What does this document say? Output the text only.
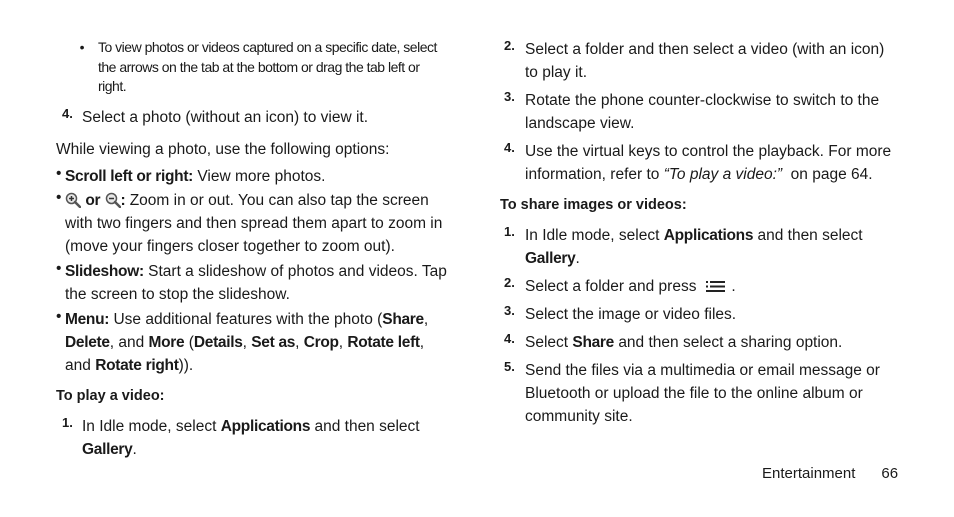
• To view photos or videos captured on a specific date, select the arrows on the tab at the bottom or drag the tab left or right.
4. Select a photo (without an icon) to view it.

While viewing a photo, use the following options:

• Scroll left or right: View more photos.

•	or : Zoom in or out. You can also tap the screen with two fingers and then spread them apart to zoom in (move your fingers closer together to zoom out).

• Slideshow: Start a slideshow of photos and videos. Tap the screen to stop the slideshow.

• Menu: Use additional features with the photo (Share, Delete, and More (Details, Set as, Crop, Rotate left, and Rotate right)).

To play a video:

1. In Idle mode, select Applications and then select Gallery.

2. Select a folder and then select a video (with an icon) to play it.

3. Rotate the phone counter-clockwise to switch to the landscape view.

4. Use the virtual keys to control the playback. For more information, refer to “To play a video:” on page 64.

To share images or videos:

1. In Idle mode, select Applications and then select Gallery.

2. Select a folder and press .

3. Select the image or video files.

4. Select Share and then select a sharing option.

5. Send the files via a multimedia or email message or Bluetooth or upload the file to the online album or community site.

Entertainment 66
